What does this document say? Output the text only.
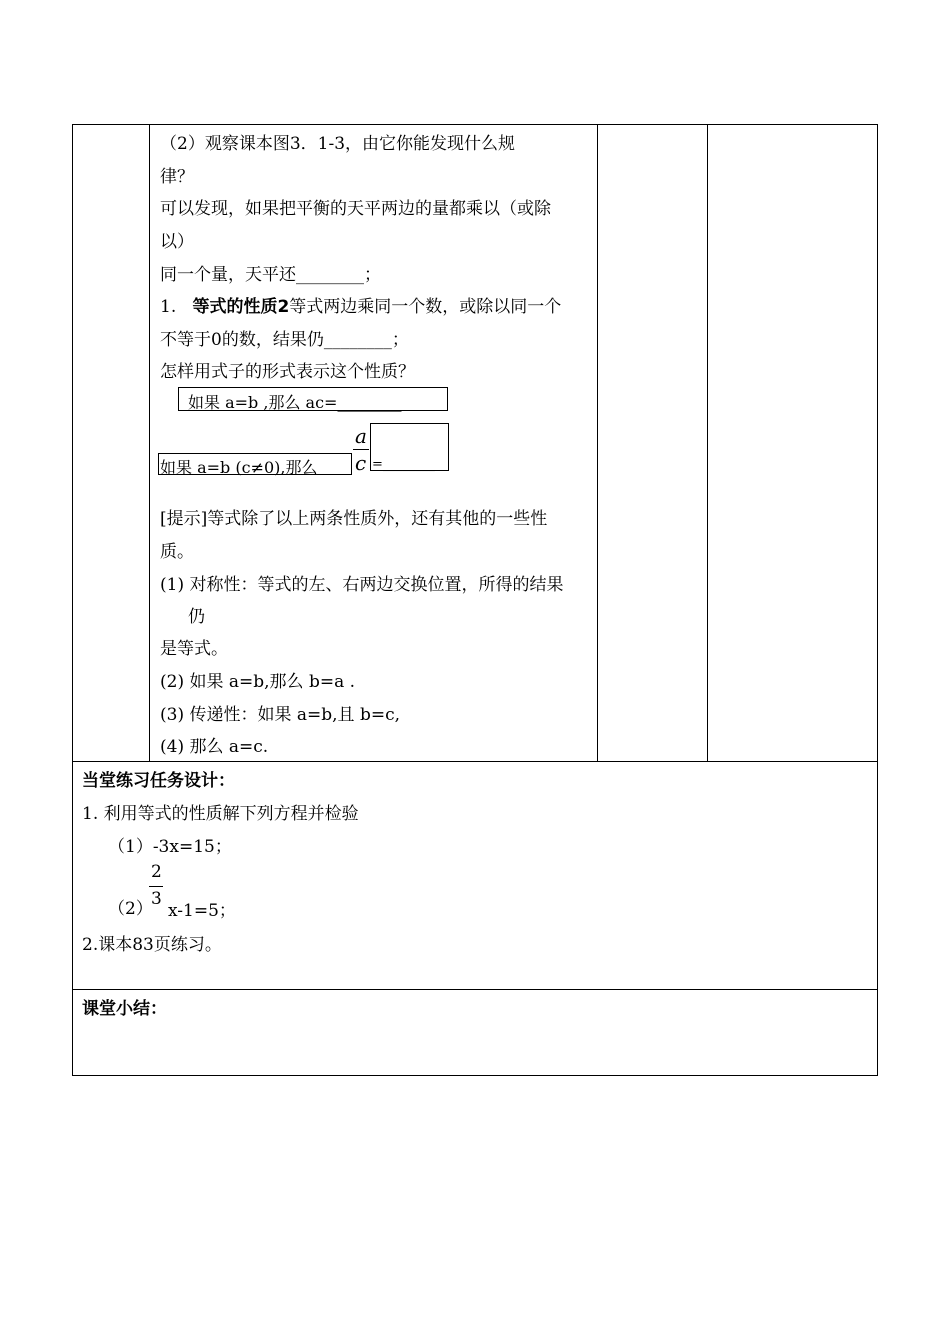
（2）观察课本图3．1-3，由它你能发现什么规
律？
可以发现，如果把平衡的天平两边的量都乘以（或除
以）
同一个量，天平还________；
1. 等式的性质2等式两边乘同一个数，或除以同一个
不等于0的数，结果仍________；
怎样用式子的形式表示这个性质？
如果 a=b ,那么 ac=________
如果 a=b (c≠0),那么
a
c =________
[提示]等式除了以上两条性质外，还有其他的一些性
质。
(1) 对称性：等式的左、右两边交换位置，所得的结果
仍
是等式。
(2) 如果 a=b,那么 b=a .
(3) 传递性：如果 a=b,且 b=c,
(4) 那么 a=c.
当堂练习任务设计：
1. 利用等式的性质解下列方程并检验
（1）-3x=15；
（2）
2
3
x-1=5；
2.课本83页练习。
课堂小结：
